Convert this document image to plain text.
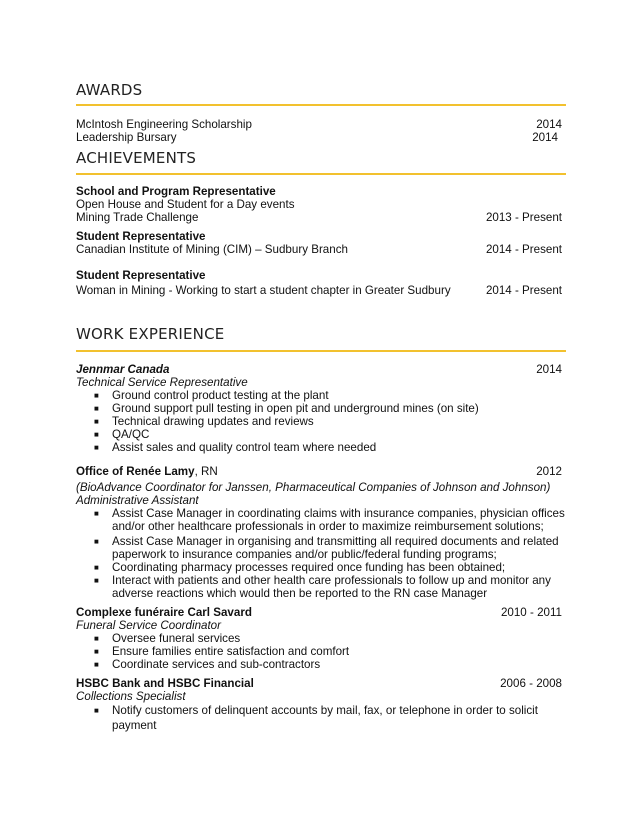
AWARDS
McIntosh Engineering Scholarship	2014
Leadership Bursary	2014
ACHIEVEMENTS
School and Program Representative
Open House and Student for a Day events
Mining Trade Challenge	2013 - Present
Student Representative
Canadian Institute of Mining (CIM) – Sudbury Branch	2014 - Present
Student Representative
Woman in Mining - Working to start a student chapter in Greater Sudbury	2014 - Present
WORK EXPERIENCE
Jennmar Canada	2014
Technical Service Representative
■ Ground control product testing at the plant
■ Ground support pull testing in open pit and underground mines (on site)
■ Technical drawing updates and reviews
■ QA/QC
■ Assist sales and quality control team where needed
Office of Renée Lamy, RN	2012
(BioAdvance Coordinator for Janssen, Pharmaceutical Companies of Johnson and Johnson)
Administrative Assistant
■ Assist Case Manager in coordinating claims with insurance companies, physician offices
and/or other healthcare professionals in order to maximize reimbursement solutions;
■ Assist Case Manager in organising and transmitting all required documents and related
paperwork to insurance companies and/or public/federal funding programs;
■ Coordinating pharmacy processes required once funding has been obtained;
■ Interact with patients and other health care professionals to follow up and monitor any
adverse reactions which would then be reported to the RN case Manager
Complexe funéraire Carl Savard	2010 - 2011
Funeral Service Coordinator
■ Oversee funeral services
■ Ensure families entire satisfaction and comfort
■ Coordinate services and sub-contractors
HSBC Bank and HSBC Financial	2006 - 2008
Collections Specialist
■ Notify customers of delinquent accounts by mail, fax, or telephone in order to solicit
payment
